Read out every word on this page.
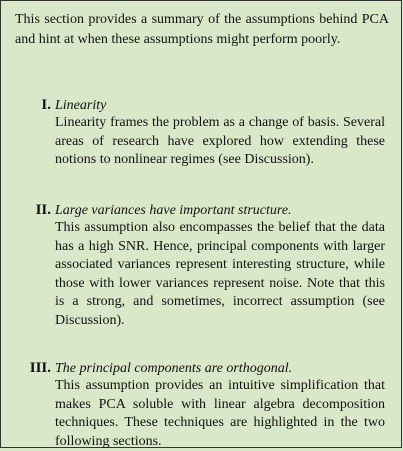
This section provides a summary of the assumptions behind PCA and hint at when these assumptions might perform poorly.
I. Linearity
Linearity frames the problem as a change of basis. Several areas of research have explored how extending these notions to nonlinear regimes (see Discussion).
II. Large variances have important structure.
This assumption also encompasses the belief that the data has a high SNR. Hence, principal components with larger associated variances represent interesting structure, while those with lower variances represent noise. Note that this is a strong, and sometimes, incorrect assumption (see Discussion).
III. The principal components are orthogonal.
This assumption provides an intuitive simplification that makes PCA soluble with linear algebra decomposition techniques. These techniques are highlighted in the two following sections.
